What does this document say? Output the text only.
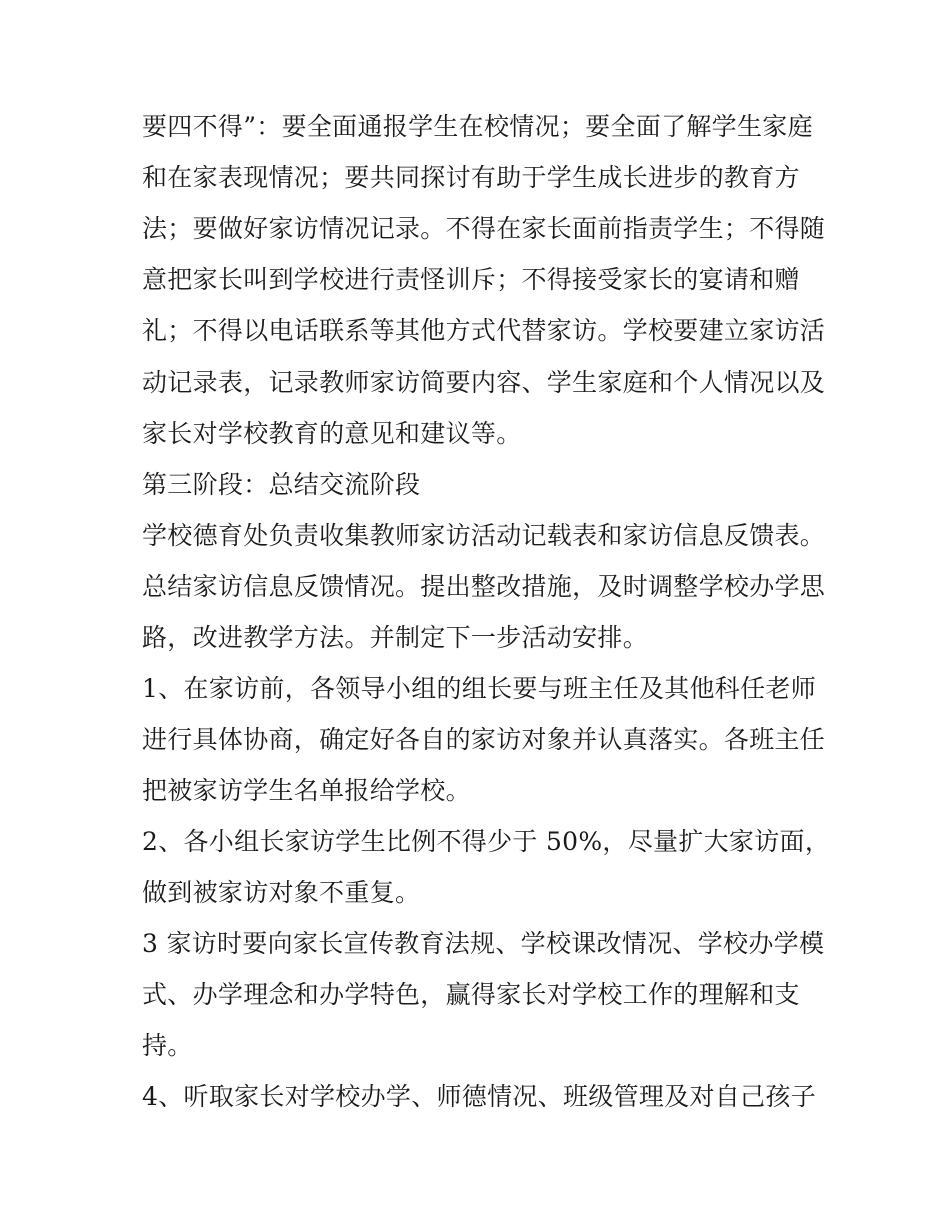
要四不得”：要全面通报学生在校情况；要全面了解学生家庭
和在家表现情况；要共同探讨有助于学生成长进步的教育方
法；要做好家访情况记录。不得在家长面前指责学生；不得随
意把家长叫到学校进行责怪训斥；不得接受家长的宴请和赠
礼；不得以电话联系等其他方式代替家访。学校要建立家访活
动记录表，记录教师家访简要内容、学生家庭和个人情况以及
家长对学校教育的意见和建议等。
第三阶段：总结交流阶段
学校德育处负责收集教师家访活动记载表和家访信息反馈表。
总结家访信息反馈情况。提出整改措施，及时调整学校办学思
路，改进教学方法。并制定下一步活动安排。
1、在家访前，各领导小组的组长要与班主任及其他科任老师
进行具体协商，确定好各自的家访对象并认真落实。各班主任
把被家访学生名单报给学校。
2、各小组长家访学生比例不得少于 50%，尽量扩大家访面，
做到被家访对象不重复。
3 家访时要向家长宣传教育法规、学校课改情况、学校办学模
式、办学理念和办学特色，赢得家长对学校工作的理解和支
持。
4、听取家长对学校办学、师德情况、班级管理及对自己孩子
